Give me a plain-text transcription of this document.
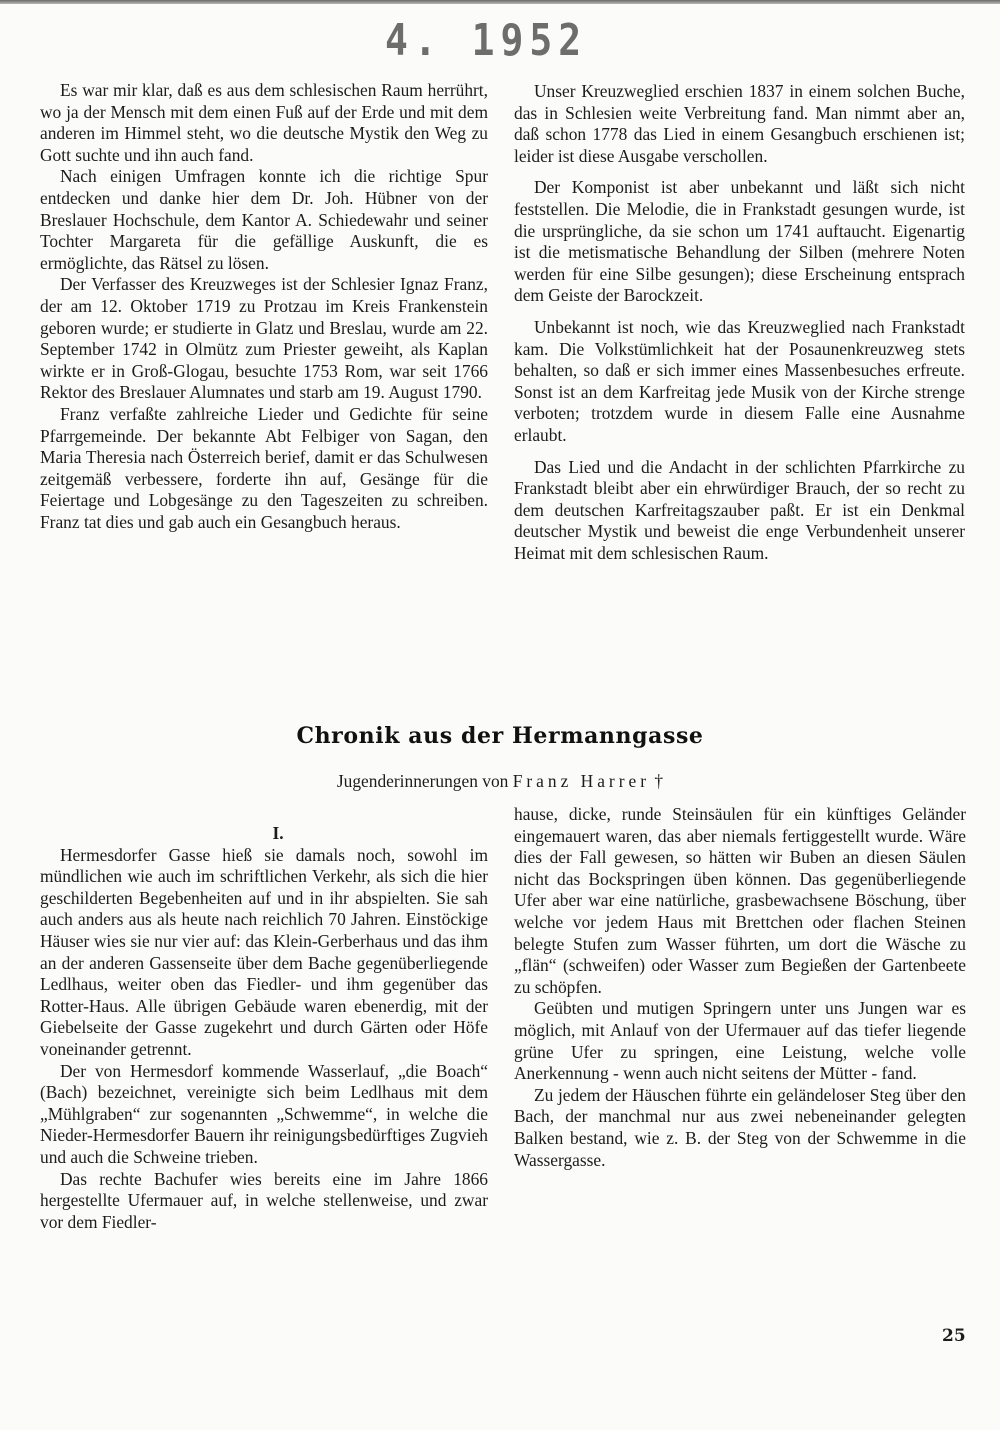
4. 1952

Es war mir klar, daß es aus dem schlesischen Raum herrührt, wo ja der Mensch mit dem einen Fuß auf der Erde und mit dem anderen im Himmel steht, wo die deutsche Mystik den Weg zu Gott suchte und ihn auch fand.

Nach einigen Umfragen konnte ich die richtige Spur entdecken und danke hier dem Dr. Joh. Hübner von der Breslauer Hochschule, dem Kantor A. Schiedewahr und seiner Tochter Margareta für die gefällige Auskunft, die es ermöglichte, das Rätsel zu lösen.

Der Verfasser des Kreuzweges ist der Schlesier Ignaz Franz, der am 12. Oktober 1719 zu Protzau im Kreis Frankenstein geboren wurde; er studierte in Glatz und Breslau, wurde am 22. September 1742 in Olmütz zum Priester geweiht, als Kaplan wirkte er in Groß-Glogau, besuchte 1753 Rom, war seit 1766 Rektor des Breslauer Alumnates und starb am 19. August 1790.

Franz verfaßte zahlreiche Lieder und Gedichte für seine Pfarrgemeinde. Der bekannte Abt Felbiger von Sagan, den Maria Theresia nach Österreich berief, damit er das Schulwesen zeitgemäß verbessere, forderte ihn auf, Gesänge für die Feiertage und Lobgesänge zu den Tageszeiten zu schreiben. Franz tat dies und gab auch ein Gesangbuch heraus.

Unser Kreuzweglied erschien 1837 in einem solchen Buche, das in Schlesien weite Verbreitung fand. Man nimmt aber an, daß schon 1778 das Lied in einem Gesangbuch erschienen ist; leider ist diese Ausgabe verschollen.

Der Komponist ist aber unbekannt und läßt sich nicht feststellen. Die Melodie, die in Frankstadt gesungen wurde, ist die ursprüngliche, da sie schon um 1741 auftaucht. Eigenartig ist die metismatische Behandlung der Silben (mehrere Noten werden für eine Silbe gesungen); diese Erscheinung entsprach dem Geiste der Barockzeit.

Unbekannt ist noch, wie das Kreuzweglied nach Frankstadt kam. Die Volkstümlichkeit hat der Posaunenkreuzweg stets behalten, so daß er sich immer eines Massenbesuches erfreute. Sonst ist an dem Karfreitag jede Musik von der Kirche strenge verboten; trotzdem wurde in diesem Falle eine Ausnahme erlaubt.

Das Lied und die Andacht in der schlichten Pfarrkirche zu Frankstadt bleibt aber ein ehrwürdiger Brauch, der so recht zu dem deutschen Karfreitagszauber paßt. Er ist ein Denkmal deutscher Mystik und beweist die enge Verbundenheit unserer Heimat mit dem schlesischen Raum.

Chronik aus der Hermanngasse
Jugenderinnerungen von Franz Harrer †

I.

Hermesdorfer Gasse hieß sie damals noch, sowohl im mündlichen wie auch im schriftlichen Verkehr, als sich die hier geschilderten Begebenheiten auf und in ihr abspielten. Sie sah auch anders aus als heute nach reichlich 70 Jahren. Einstöckige Häuser wies sie nur vier auf: das Klein-Gerberhaus und das ihm an der anderen Gassenseite über dem Bache gegenüberliegende Ledlhaus, weiter oben das Fiedler- und ihm gegenüber das Rotter-Haus. Alle übrigen Gebäude waren ebenerdig, mit der Giebelseite der Gasse zugekehrt und durch Gärten oder Höfe voneinander getrennt.

Der von Hermesdorf kommende Wasserlauf, „die Boach“ (Bach) bezeichnet, vereinigte sich beim Ledlhaus mit dem „Mühlgraben“ zur sogenannten „Schwemme“, in welche die Nieder-Hermesdorfer Bauern ihr reinigungsbedürftiges Zugvieh und auch die Schweine trieben.

Das rechte Bachufer wies bereits eine im Jahre 1866 hergestellte Ufermauer auf, in welche stellenweise, und zwar vor dem Fiedler-

hause, dicke, runde Steinsäulen für ein künftiges Geländer eingemauert waren, das aber niemals fertiggestellt wurde. Wäre dies der Fall gewesen, so hätten wir Buben an diesen Säulen nicht das Bockspringen üben können. Das gegenüberliegende Ufer aber war eine natürliche, grasbewachsene Böschung, über welche vor jedem Haus mit Brettchen oder flachen Steinen belegte Stufen zum Wasser führten, um dort die Wäsche zu „flän“ (schweifen) oder Wasser zum Begießen der Gartenbeete zu schöpfen.

Geübten und mutigen Springern unter uns Jungen war es möglich, mit Anlauf von der Ufermauer auf das tiefer liegende grüne Ufer zu springen, eine Leistung, welche volle Anerkennung - wenn auch nicht seitens der Mütter - fand.

Zu jedem der Häuschen führte ein geländeloser Steg über den Bach, der manchmal nur aus zwei nebeneinander gelegten Balken bestand, wie z. B. der Steg von der Schwemme in die Wassergasse.

25
